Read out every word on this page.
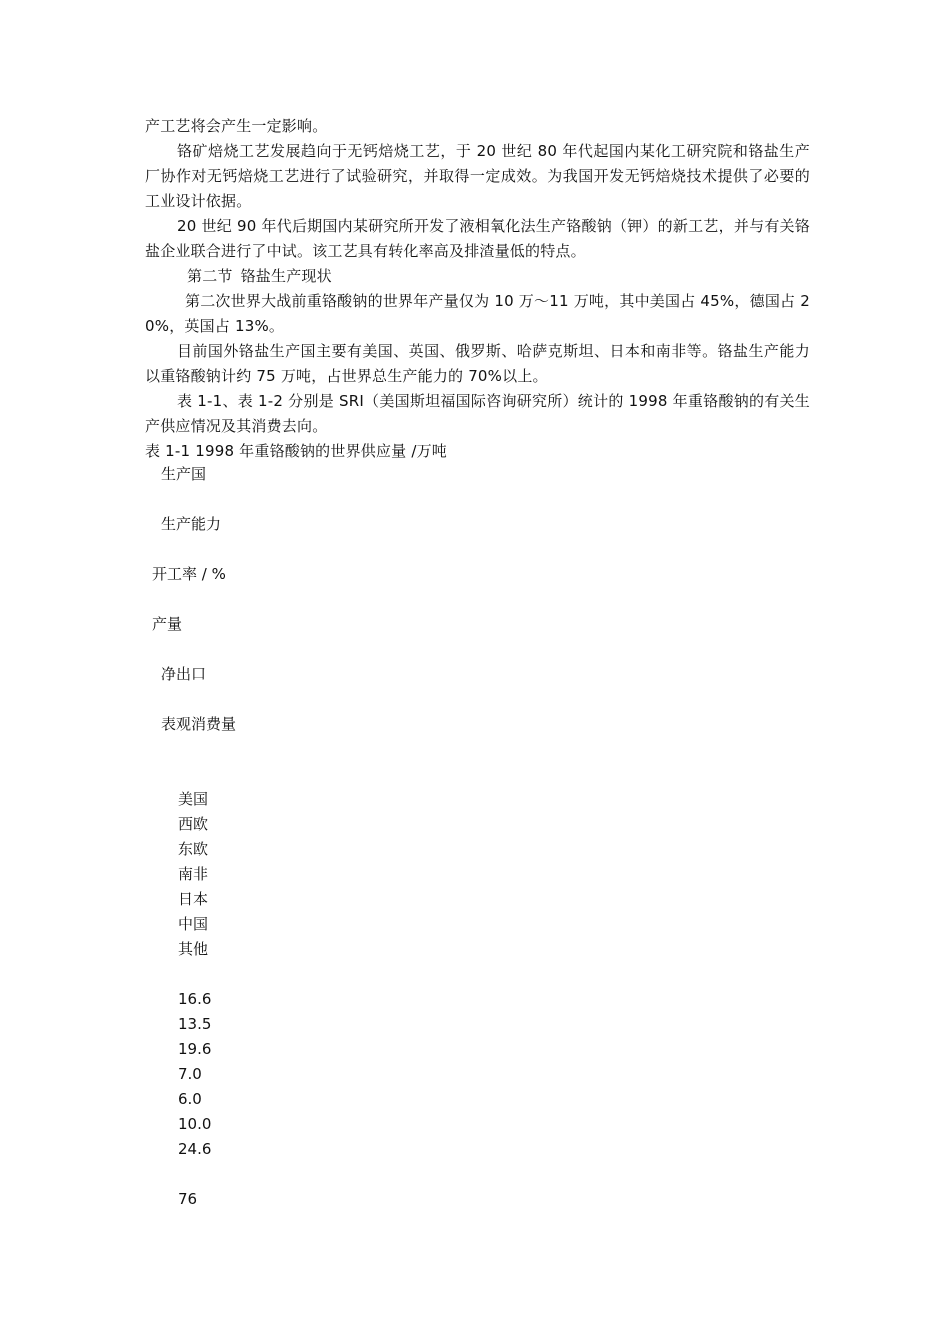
产工艺将会产生一定影响。

铬矿焙烧工艺发展趋向于无钙焙烧工艺，于 20 世纪 80 年代起国内某化工研究院和铬盐生产厂协作对无钙焙烧工艺进行了试验研究，并取得一定成效。为我国开发无钙焙烧技术提供了必要的工业设计依据。

20 世纪 90 年代后期国内某研究所开发了液相氧化法生产铬酸钠（钾）的新工艺，并与有关铬盐企业联合进行了中试。该工艺具有转化率高及排渣量低的特点。

第二节 铬盐生产现状

第二次世界大战前重铬酸钠的世界年产量仅为 10 万～11 万吨，其中美国占 45%，德国占 20%，英国占 13%。

目前国外铬盐生产国主要有美国、英国、俄罗斯、哈萨克斯坦、日本和南非等。铬盐生产能力以重铬酸钠计约 75 万吨，占世界总生产能力的 70%以上。

表 1-1、表 1-2 分别是 SRI（美国斯坦福国际咨询研究所）统计的 1998 年重铬酸钠的有关生产供应情况及其消费去向。

表 1-1 1998 年重铬酸钠的世界供应量 /万吨

生产国
生产能力
开工率 / %
产量
净出口
表观消费量
美国
西欧
东欧
南非
日本
中国
其他
16.6
13.5
19.6
7.0
6.0
10.0
24.6
76
